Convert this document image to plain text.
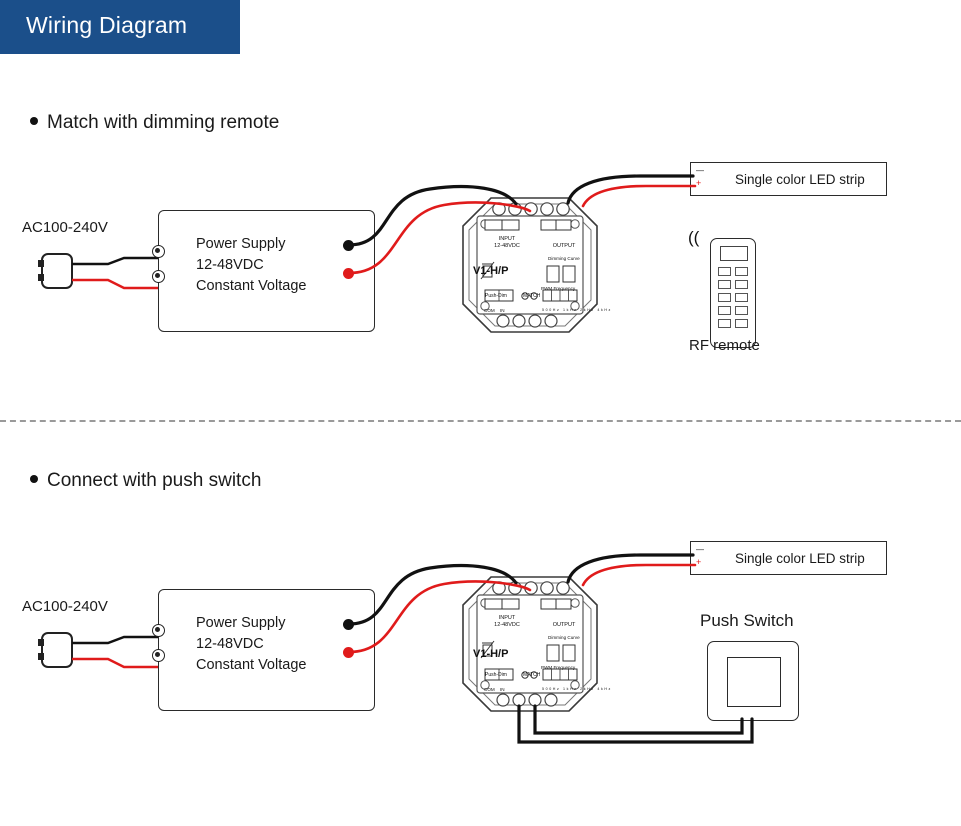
Wiring Diagram
Match with dimming remote
Connect with push switch
AC100-240V
Power Supply
12-48VDC
Constant Voltage
INPUT
12-48VDC	OUTPUT
Dimming Curve
PWM Frequency
Push-Dim	MATCH
COM IN
V1-H/P
500Hz 1kHz 2kHz 4kHz
Single color LED strip
—
+
((
RF remote
AC100-240V
Power Supply
12-48VDC
Constant Voltage
INPUT
12-48VDC	OUTPUT
Dimming Curve
PWM Frequency
Push-Dim	MATCH
COM IN
V1-H/P
500Hz 1kHz 2kHz 4kHz
Single color LED strip
—
+
Push Switch
